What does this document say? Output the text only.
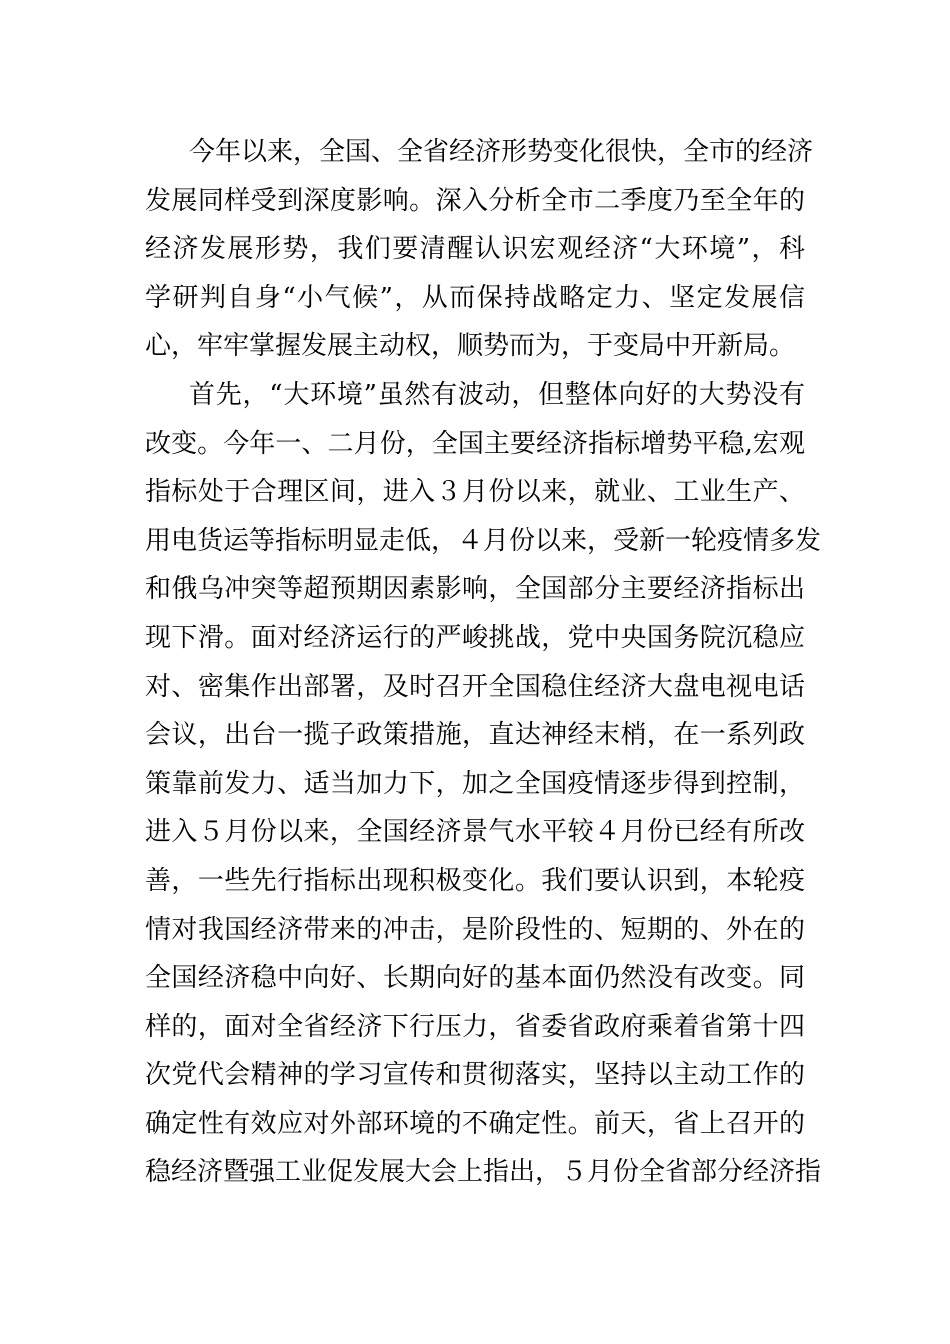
今年以来，全国、全省经济形势变化很快，全市的经济
发展同样受到深度影响。深入分析全市二季度乃至全年的
经济发展形势，我们要清醒认识宏观经济“大环境”，科
学研判自身“小气候”，从而保持战略定力、坚定发展信
心，牢牢掌握发展主动权，顺势而为，于变局中开新局。
首先，“大环境”虽然有波动，但整体向好的大势没有
改变。今年一、二月份，全国主要经济指标增势平稳,宏观
指标处于合理区间，进入３月份以来，就业、工业生产、
用电货运等指标明显走低，４月份以来，受新一轮疫情多发
和俄乌冲突等超预期因素影响，全国部分主要经济指标出
现下滑。面对经济运行的严峻挑战，党中央国务院沉稳应
对、密集作出部署，及时召开全国稳住经济大盘电视电话
会议，出台一揽子政策措施，直达神经末梢，在一系列政
策靠前发力、适当加力下，加之全国疫情逐步得到控制，
进入５月份以来，全国经济景气水平较４月份已经有所改
善，一些先行指标出现积极变化。我们要认识到，本轮疫
情对我国经济带来的冲击，是阶段性的、短期的、外在的
全国经济稳中向好、长期向好的基本面仍然没有改变。同
样的，面对全省经济下行压力，省委省政府乘着省第十四
次党代会精神的学习宣传和贯彻落实，坚持以主动工作的
确定性有效应对外部环境的不确定性。前天，省上召开的
稳经济暨强工业促发展大会上指出，５月份全省部分经济指
